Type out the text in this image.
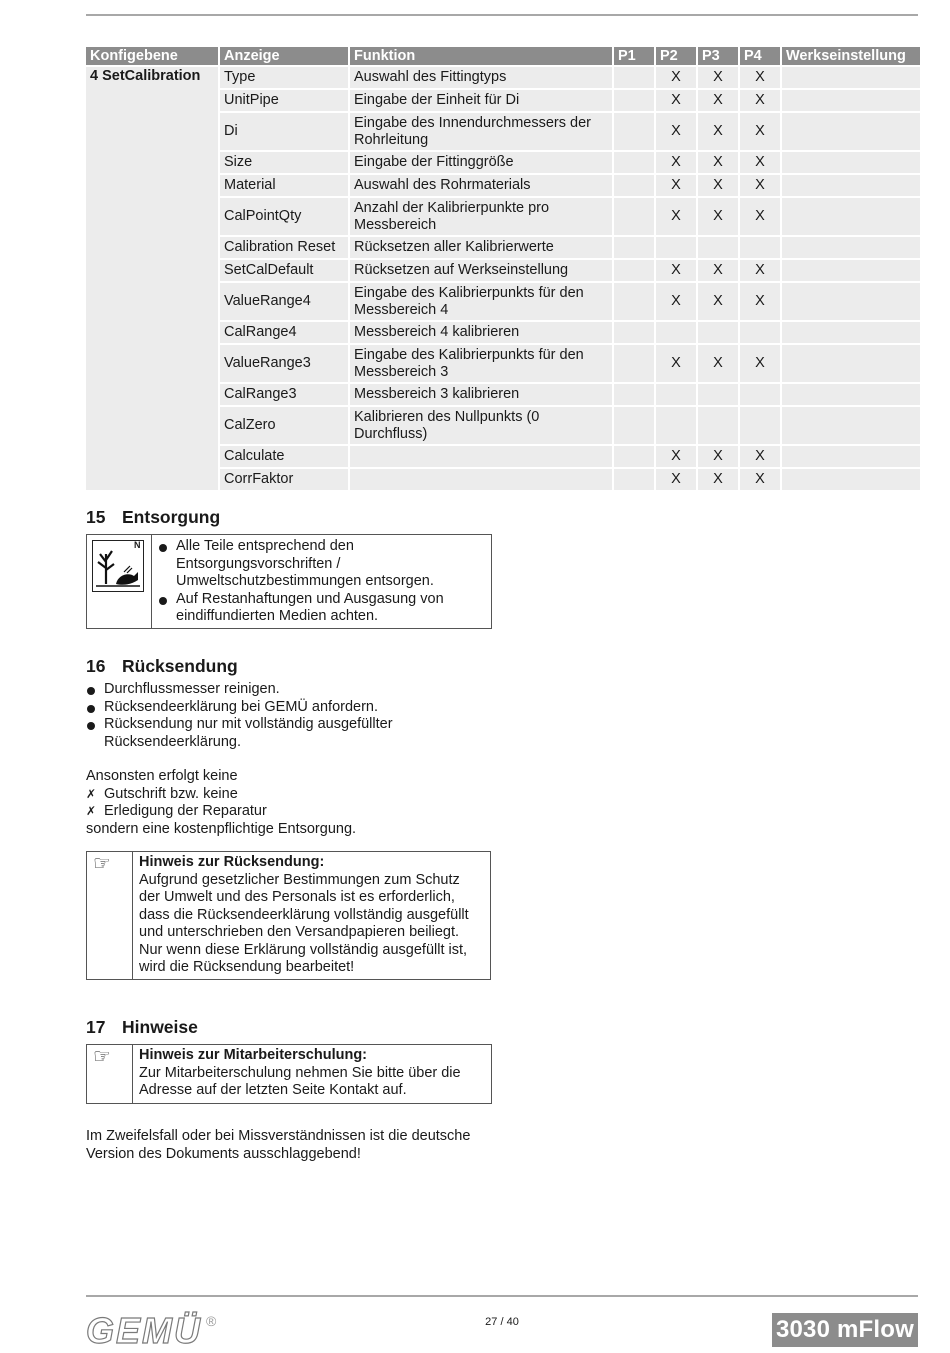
Konfigebene	Anzeige	Funktion	P1	P2	P3	P4	Werkseinstellung
4 SetCalibration	Type	Auswahl des Fittingtyps		X	X	X	
	UnitPipe	Eingabe der Einheit für Di		X	X	X	
	Di	Eingabe des Innendurchmessers der Rohrleitung		X	X	X	
	Size	Eingabe der Fittinggröße		X	X	X	
	Material	Auswahl des Rohrmaterials		X	X	X	
	CalPointQty	Anzahl der Kalibrierpunkte pro Messbereich		X	X	X	
	Calibration Reset	Rücksetzen aller Kalibrierwerte					
	SetCalDefault	Rücksetzen auf Werkseinstellung		X	X	X	
	ValueRange4	Eingabe des Kalibrierpunkts für den Messbereich 4		X	X	X	
	CalRange4	Messbereich 4 kalibrieren					
	ValueRange3	Eingabe des Kalibrierpunkts für den Messbereich 3		X	X	X	
	CalRange3	Messbereich 3 kalibrieren					
	CalZero	Kalibrieren des Nullpunkts (0 Durchfluss)					
	Calculate			X	X	X	
	CorrFaktor			X	X	X	
15 Entsorgung
N	Alle Teile entsprechend den Entsorgungsvorschriften / Umweltschutzbestimmungen entsorgen.
Auf Restanhaftungen und Ausgasung von eindiffundierten Medien achten.
16 Rücksendung
Durchflussmesser reinigen.
Rücksendeerklärung bei GEMÜ anfordern.
Rücksendung nur mit vollständig ausgefüllter Rücksendeerklärung.
Ansonsten erfolgt keine
✗ Gutschrift bzw. keine
✗ Erledigung der Reparatur
sondern eine kostenpflichtige Entsorgung.
☞ Hinweis zur Rücksendung:
Aufgrund gesetzlicher Bestimmungen zum Schutz der Umwelt und des Personals ist es erforderlich, dass die Rücksendeerklärung vollständig ausgefüllt und unterschrieben den Versandpapieren beiliegt. Nur wenn diese Erklärung vollständig ausgefüllt ist, wird die Rücksendung bearbeitet!
17 Hinweise
☞ Hinweis zur Mitarbeiterschulung:
Zur Mitarbeiterschulung nehmen Sie bitte über die Adresse auf der letzten Seite Kontakt auf.

Im Zweifelsfall oder bei Missverständnissen ist die deutsche Version des Dokuments ausschlaggebend!

GEMÜ ®	27 / 40	3030 mFlow
